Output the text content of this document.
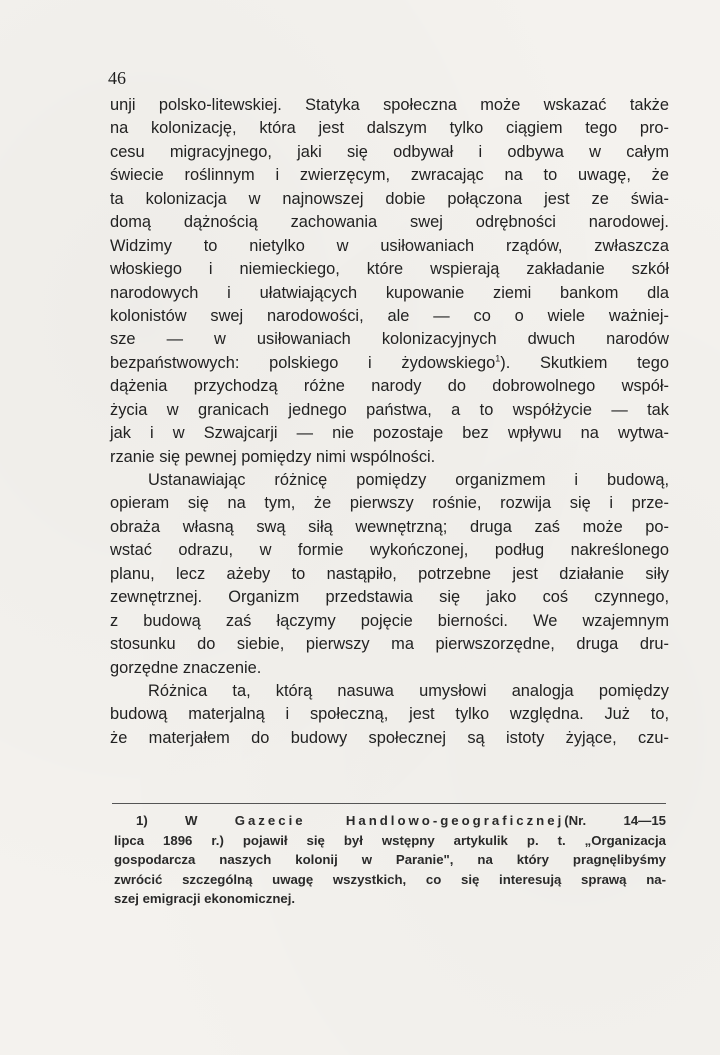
46
unji polsko-litewskiej. Statyka społeczna może wskazać także
na kolonizację, która jest dalszym tylko ciągiem tego pro-
cesu migracyjnego, jaki się odbywał i odbywa w całym
świecie roślinnym i zwierzęcym, zwracając na to uwagę, że
ta kolonizacja w najnowszej dobie połączona jest ze świa-
domą dążnością zachowania swej odrębności narodowej.
Widzimy to nietylko w usiłowaniach rządów, zwłaszcza
włoskiego i niemieckiego, które wspierają zakładanie szkół
narodowych i ułatwiających kupowanie ziemi bankom dla
kolonistów swej narodowości, ale — co o wiele ważniej-
sze — w usiłowaniach kolonizacyjnych dwuch narodów
bezpaństwowych: polskiego i żydowskiego$^1$). Skutkiem tego
dążenia przychodzą różne narody do dobrowolnego współ-
życia w granicach jednego państwa, a to współżycie — tak
jak i w Szwajcarji — nie pozostaje bez wpływu na wytwa-
rzanie się pewnej pomiędzy nimi wspólności.
Ustanawiając różnicę pomiędzy organizmem i budową,
opieram się na tym, że pierwszy rośnie, rozwija się i prze-
obraża własną swą siłą wewnętrzną; druga zaś może po-
wstać odrazu, w formie wykończonej, podług nakreślonego
planu, lecz ażeby to nastąpiło, potrzebne jest działanie siły
zewnętrznej. Organizm przedstawia się jako coś czynnego,
z budową zaś łączymy pojęcie bierności. We wzajemnym
stosunku do siebie, pierwszy ma pierwszorzędne, druga dru-
gorzędne znaczenie.
Różnica ta, którą nasuwa umysłowi analogja pomiędzy
budową materjalną i społeczną, jest tylko względna. Już to,
że materjałem do budowy społecznej są istoty żyjące, czu-
1) W Gazecie Handlowo-geograficznej(Nr. 14—15
lipca 1896 r.) pojawił się był wstępny artykulik p. t. „Organizacja
gospodarcza naszych kolonij w Paranie", na który pragnęlibyśmy
zwrócić szczególną uwagę wszystkich, co się interesują sprawą na-
szej emigracji ekonomicznej.
